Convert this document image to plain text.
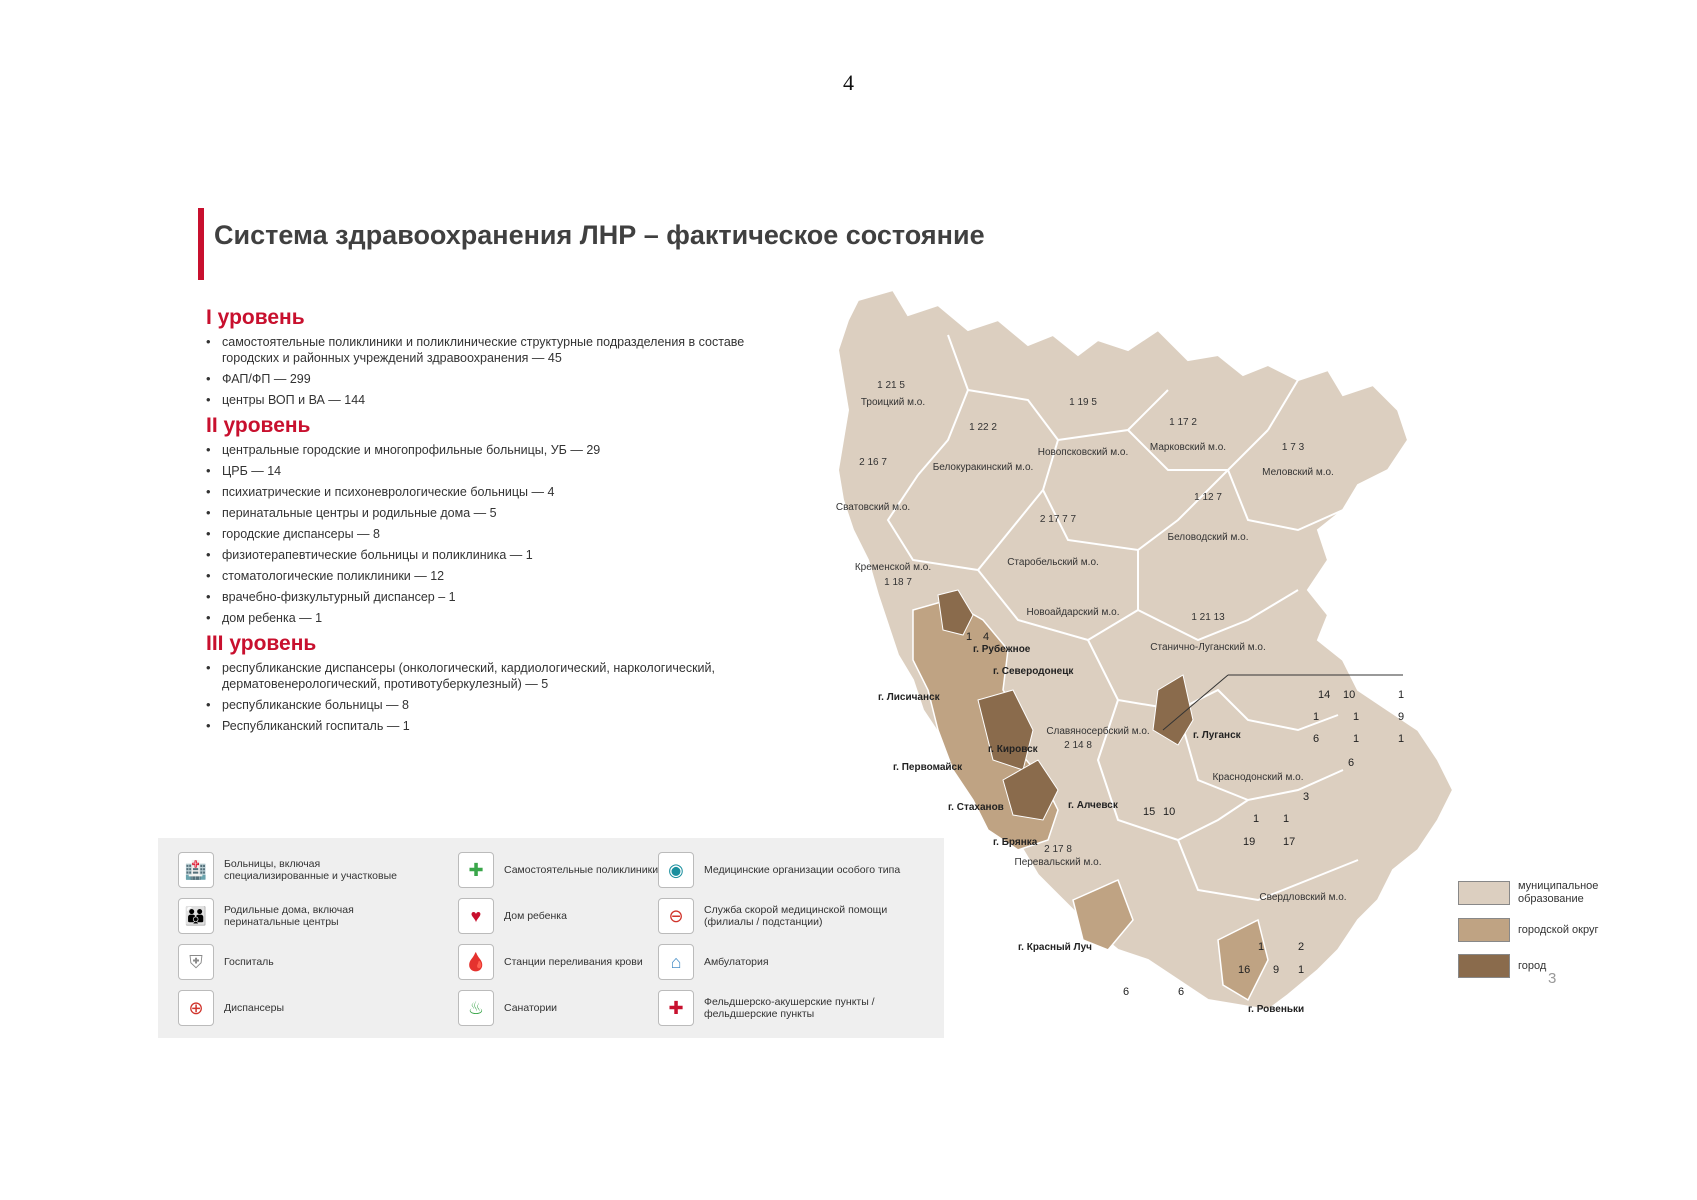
4
Система здравоохранения ЛНР – фактическое состояние
I уровень
• самостоятельные поликлиники и поликлинические структурные подразделения в составе городских и районных учреждений здравоохранения — 45
• ФАП/ФП — 299
• центры ВОП и ВА — 144
II уровень
• центральные городские и многопрофильные больницы, УБ — 29
• ЦРБ — 14
• психиатрические и психоневрологические больницы — 4
• перинатальные центры и родильные дома — 5
• городские диспансеры — 8
• физиотерапевтические больницы и поликлиника — 1
• стоматологические поликлиники — 12
• врачебно-физкультурный диспансер – 1
• дом ребенка — 1
III уровень
• республиканские диспансеры (онкологический, кардиологический, наркологический, дерматовенерологический, противотуберкулезный) — 5
• республиканские больницы — 8
• Республиканский госпиталь — 1
🏥 Больницы, включая специализированные и участковые
👪 Родильные дома, включая перинатальные центры
⛨ Госпиталь
⊕ Диспансеры
✚ Самостоятельные поликлиники
♥ Дом ребенка
🩸 Станции переливания крови
♨ Санатории
◉ Медицинские организации особого типа
⊖ Служба скорой медицинской помощи (филиалы / подстанции)
⌂ Амбулатория
✚ Фельдшерско-акушерские пункты / фельдшерские пункты
Троицкий м.о.
1 21 5
Белокуракинский м.о.
1 22 2
Новопсковский м.о.
1 19 5
Марковский м.о.
1 17 2
Меловский м.о.
1 7 3
Сватовский м.о.
2 16 7
Беловодский м.о.
1 12 7
Старобельский м.о.
2 17 7 7
Кременской м.о.
1 18 7
Новоайдарский м.о.
Станично-Луганский м.о.
1 21 13
Славяносербский м.о.
2 14 8
Краснодонский м.о.
Перевальский м.о.
2 17 8
Свердловский м.о.
г. Рубежное
г. Северодонецк
г. Лисичанск
г. Кировск
г. Луганск
г. Первомайск
г. Стаханов	г. Алчевск
г. Брянка
г. Красный Луч
г. Ровеньки
1 4
14 10	1
1	1	9
6	1	1
6
15 10
1 1
19	17
2
1
3
6	6
16 9 1
муниципальное образование
городской округ
город
3
